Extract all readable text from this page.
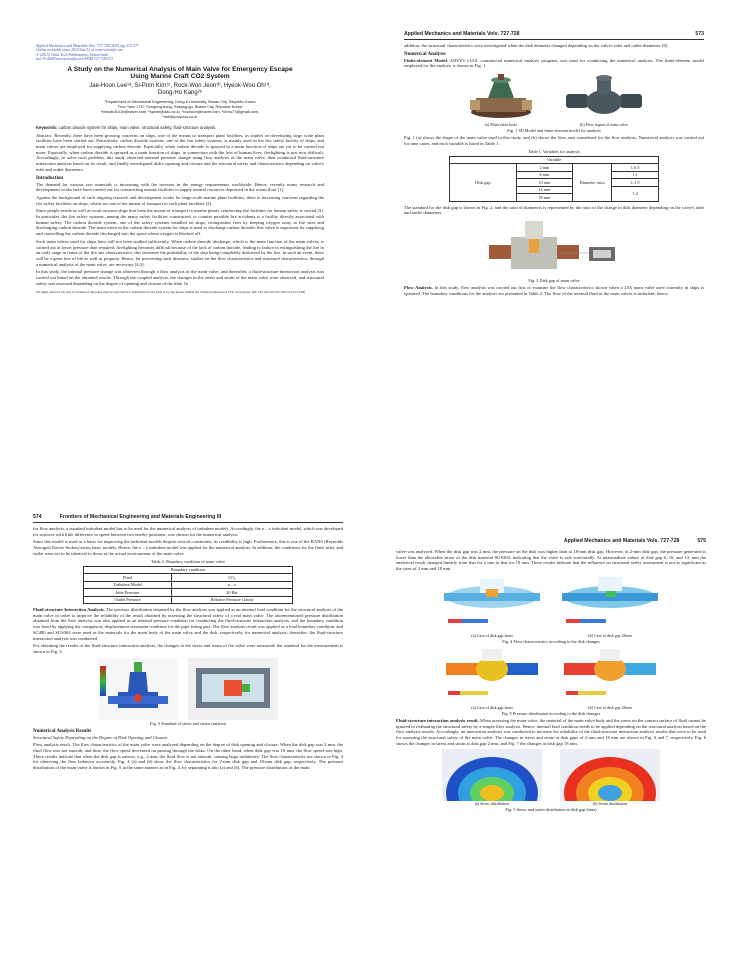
Applied Mechanics and Materials Vols. 727-728 (2015) pp 572-577
Online available since 2015/Jan/12 at www.scientific.net
© (2015) Trans Tech Publications, Switzerland
doi:10.4028/www.scientific.net/AMM.727-728.572
A Study on the Numerical Analysis of Main Valve for Emergency Escape
Using Marine Craft CO2 System
Jae-Hoon Lee¹ᵃ, Si-Pom Kim¹ᶜ, Rock-Won Jeon¹ᵇ, Hyeok-Woo Oh¹ᵈ,
Dong-Ho Kang²ᵉ
¹Department of Mechanical Engineering, Dong-A University, Busan City, Republic Korea
²Yoo Youn LTD, Gongung-dong, Sasang-gu, Busan City, Republic Korea
ᵃdhswkd1010@naver.com, ᵇspkim@dau.ac.kr, ᶜrockwon@naver.com, ᵈohhu77@gmail.com,
ᵉmd@yooyoun.co.kr
Keywords: carbon dioxide system for ships, main valve, structural safety, fluid-structure analysis.

Abstract. Recently, there have been growing concerns on ships, one of the means to transport plant facilities, as studies on developing large scale plant facilities have been carried out. Particularly, carbon dioxide systems, one of the fire safety systems, is mainly used in the fire safety facility of ships, and main valves are employed for supplying carbon dioxide. Especially, when carbon dioxide is sprayed in a main function of ships are yet to be carried out more. Especially, when carbon dioxide is sprayed as a main function of ships, in connection with the loss of human lives, firefighting is just now difficult. Accordingly, to solve such problem, this study observed internal pressure change using flow analysis of the main valve, then conducted fluid-structure interaction analysis based on its result, and finally investigated disk's opening and closure and the structural safety and characteristics depending on valve's inlet and outlet diameters.

Introduction

The demand for various raw materials is increasing with the increase in the energy requirements worldwide. Hence, recently many research and development works have been carried out for constructing marine facilities to supply natural resources deposited in the ocean floor [1].

Against the background of such ongoing research and development works for large-scale marine plant facilities, there is increasing concerns regarding the fire safety facilities on ships, which are one of the means of transport to such plant facilities [2].

Since people reside as well as work on most ships that form the means of transport to marine plants, reinforcing fire facilities for human safety is crucial [3]. In particular, the fire safety systems, among the many safety facilities constructed, to counter possible fire accidents is a facility directly associated with human safety. The carbon dioxide system, one of the safety systems installed on ships, extinguishes fires by keeping oxygen away at fire sites and discharging carbon dioxide. The main valve in the carbon dioxide system for ships is used to discharge carbon dioxide; this valve is important for supplying and controlling the carbon dioxide discharged into the space where oxygen is blocked off.

Such main valves used for ships have still not been studied sufficiently. When carbon dioxide discharge, which is the main function of the main valves, is carried out at lower pressure than required, firefighting becomes difficult because of the lack of carbon dioxide, leading to failure in extinguishing the fire in an early stage in terms of the fire site characteristics; this increases the probability of the ship being completely destroyed by the fire. In such an event, there will be a great loss of life as well as property. Hence, for preventing such disasters, studies on the flow characteristics and structural characteristics, through a numerical analysis of the main valve, are necessary [4,5].

In this study, the internal pressure change was observed through a flow analysis of the main valve, and thereafter, a fluid-structure interaction analysis was carried out based on the obtained results. Through the coupled analysis, the changes in the stress and strain of the main valve were observed, and structural safety was assessed depending on the degree of opening and closure of the disk. In

All rights reserved. No part of contents of this paper may be reproduced or transmitted in any form or by any means without the written permission of TTP, www.ttp.net. (ID: 165.194.103.162-18/01/15,12:51:48)
Applied Mechanics and Materials Vols. 727-728	573

addition, the structural characteristics were investigated when the disk diameter changed depending on the valve's inlet and outlet diameters [6].

Numerical Analysis

Finite-element Model. ANSYS v14.0, commercial numerical analysis program, was used for conducting the numerical analysis. The finite-element model employed for the analysis is shown in Fig. 1.

(a) Main valve body	(b) Flow region of main valve
Fig. 1 3D Model and finite element model for analysis

Fig. 1 (a) shows the shape of the main valve used in this study, and (b) shows the flow area considered for the flow analysis. Numerical analysis was carried out for nine cases, and each variable is listed in Table 1.

Table 1. Variables for analysis
Variable			
Disk gap	2 mm	Diameter ratio	1:0.5
	6 mm		1:1
	10 mm		1:1.5
	14 mm		1:2
	18 mm		

The standard for the disk gap is shown in Fig. 2, and the ratio of diameters is represented by the ratio of the change in disk diameter depending on the valve's inlet and outlet diameters.

Fig. 2 Disk gap of main valve

Flow Analysis. In this study, flow analysis was carried out first to examine the flow characteristics shown when a 25A main valve used currently in ships is operated. The boundary conditions for the analysis are presented in Table 2. The flow of the internal fluid in the main valves is turbulent; hence,

574	Frontiers of Mechanical Engineering and Materials Engineering III

for flow analysis, a standard turbulent model has to be used for the numerical analysis of turbulent models. Accordingly, the κ – ε turbulent model, which was developed for surfaces with little difference in speed between two nearby positions, was chosen for the numerical analysis.

Since this model is used as a basis for improving the turbulent models despite several constraints, its credibility is high. Furthermore, this is one of the RANS (Reynolds Averaged Navier-Stokes) series basic models. Hence, the κ – ε turbulent model was applied for the numerical analysis. In addition, the conditions for the fluid, inlet, and outlet were set to be identical to those in the actual environment of the main valve.

Table 2. Boundary condition of main valve
Boundary condition	
Fluid	CO₂
Turbulent Model	κ – ε
Inlet Pressure	20 Bar
Outlet Pressure	Relative Pressure (1atm)

Fluid-structure Interaction Analysis. The pressure distribution obtained by the flow analysis was applied as an internal load condition for the structural analysis of the main valve in order to improve the reliability of the result obtained by assessing the structural safety of a real main valve. The aforementioned pressure distribution obtained from the flow analysis was also applied as an internal pressure condition for conducting the fluid-structure interaction analysis, and the boundary condition was fixed by applying the compulsory displacement constraint condition for the pipe-fitting part. The flow analysis result was applied as a load boundary condition, and SC480 and SUS304 were used as the materials for the main body of the main valve and the disk, respectively, for numerical analysis; thereafter, the fluid-structure interaction analysis was conducted.

For obtaining the results of the fluid-structure interaction analysis, the changes in the stress and strain of the valve were measured; the standard for the measurement is shown in Fig. 3.

Fig. 3 Standard of stress and strain variation
Numerical Analysis Results
Structural Safety Depending on the Degree of Disk Opening and Closure.

Flow analysis result. The flow characteristics of the main valve were analyzed depending on the degree of disk opening and closure. When the disk gap was 2 mm, the fluid flow was not smooth, and thus, the flow speed decreased on passing through the disks. On the other hand, when disk gap was 18 mm, the flow speed was high. These results indicate that when the disk gap is narrow, e.g., 2 mm, the fluid flow is not smooth, causing large turbulence. The flow characteristics are shown in Fig. 4 for observing the flow behavior accurately. Fig. 4 (a) and (b) show the flow characteristics for 2-mm disk gap and 18-mm disk gap, respectively. The pressure distribution of the main valve is shown in Fig. 5 in the same manner as in Fig. 4, by separating it into (a) and (b). The pressure distribution of the main

Applied Mechanics and Materials Vols. 727-728	575

valve was analyzed. When the disk gap was 2 mm, the pressure on the disk was higher than at 18-mm disk gap. However, at 2-mm disk gap, the pressure generated is lower than the allowable stress of the disk material SUS304, indicating that the valve is safe structurally. At intermediate values of disk gap 6, 10, and 14, mm the analytical result changed linearly from that for 2 mm to that for 18 mm. These results indicate that the influence on structural safety assessment is not as significant as the sizes of 2 mm and 18 mm.

(a) Case of disk gap 2mm	(b) Case of disk gap 18mm
Fig. 4 Flow characteristics according to the disk changes
(a) Case of disk gap 2mm	(b) Case of disk gap 18mm
Fig. 5 Pressure distribution according to the disk changes

Fluid-structure interaction analysis result. When assessing the main valve, the material of the main valve body and the stress on the contact surface of fluid cannot be ignored in evaluating the structural safety by a simple flow analysis. Hence, internal load condition needs to be applied depending on the structural analysis based on the flow analysis results. Accordingly, an interaction analysis was conducted to increase the reliability of the fluid-structure interaction analysis results that were to be used for assessing the structural safety of the main valve. The changes in stress and strain at disk gaps of 2 mm and 18 mm are shown in Fig. 6 and 7, respectively. Fig. 6 shows the changes in stress and strain at disk gap 2 mm, and Fig. 7 the changes at disk gap 18 mm.

(a) Stress distribution	(b) Strain distribution
Fig. 5 Stress and strain distribution at disk gap 2mm)
